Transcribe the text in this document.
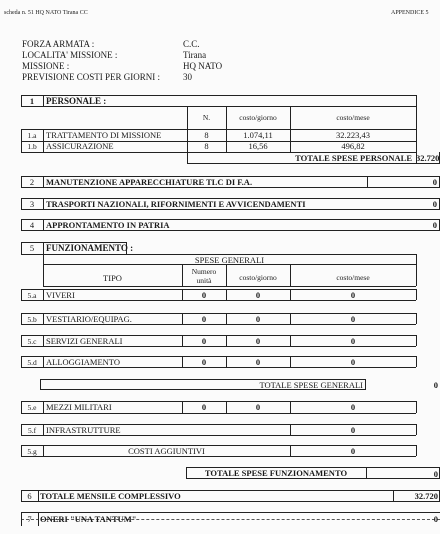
scheda n. 51 HQ NATO Tirana CC	APPENDICE 5
FORZA ARMATA :	C.C.
LOCALITA' MISSIONE :	Tirana
MISSIONE :	HQ NATO
PREVISIONE COSTI PER GIORNI :	30
1	PERSONALE :
N.	costo/giorno	costo/mese
1.a	TRATTAMENTO DI MISSIONE	8	1.074,11	32.223,43
1.b	ASSICURAZIONE	8	16,56	496,82
TOTALE SPESE PERSONALE 32.720
2	MANUTENZIONE APPARECCHIATURE TLC DI F.A.	0
3	TRASPORTI NAZIONALI, RIFORNIMENTI E AVVICENDAMENTI	0
4	APPRONTAMENTO IN PATRIA	0
5	FUNZIONAMENTO :
SPESE GENERALI
TIPO
Numero
unità	costo/giorno	costo/mese
5.a	VIVERI	0	0	0
5.b	VESTIARIO/EQUIPAG.	0	0	0
5.c	SERVIZI GENERALI	0	0	0
5.d	ALLOGGIAMENTO	0	0	0
TOTALE SPESE GENERALI	0
5.e	MEZZI MILITARI	0	0	0
5.f	INFRASTRUTTURE	0
5.g	COSTI AGGIUNTIVI	0
TOTALE SPESE FUNZIONAMENTO	0
6 TOTALE MENSILE COMPLESSIVO	32.720
7 ONERI "UNA TANTUM"	0
